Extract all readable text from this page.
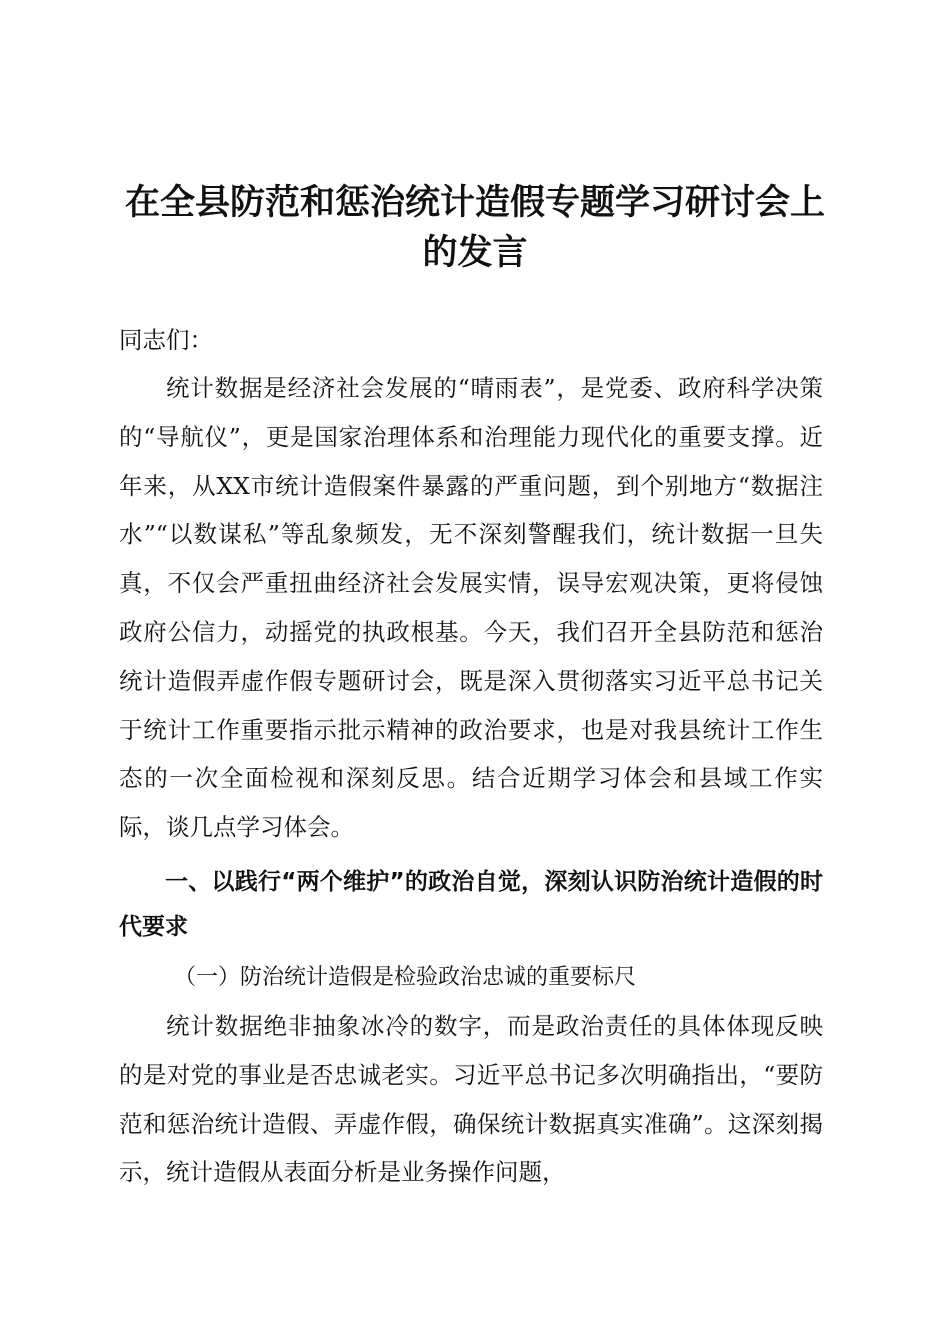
在全县防范和惩治统计造假专题学习研讨会上的发言

同志们：

统计数据是经济社会发展的“晴雨表”，是党委、政府科学决策的“导航仪”，更是国家治理体系和治理能力现代化的重要支撑。近年来，从XX市统计造假案件暴露的严重问题，到个别地方“数据注水”“以数谋私”等乱象频发，无不深刻警醒我们，统计数据一旦失真，不仅会严重扭曲经济社会发展实情，误导宏观决策，更将侵蚀政府公信力，动摇党的执政根基。今天，我们召开全县防范和惩治统计造假弄虚作假专题研讨会，既是深入贯彻落实习近平总书记关于统计工作重要指示批示精神的政治要求，也是对我县统计工作生态的一次全面检视和深刻反思。结合近期学习体会和县域工作实际，谈几点学习体会。

一、以践行“两个维护”的政治自觉，深刻认识防治统计造假的时代要求

（一）防治统计造假是检验政治忠诚的重要标尺

统计数据绝非抽象冰冷的数字，而是政治责任的具体体现反映的是对党的事业是否忠诚老实。习近平总书记多次明确指出，“要防范和惩治统计造假、弄虚作假，确保统计数据真实准确”。这深刻揭示，统计造假从表面分析是业务操作问题，
